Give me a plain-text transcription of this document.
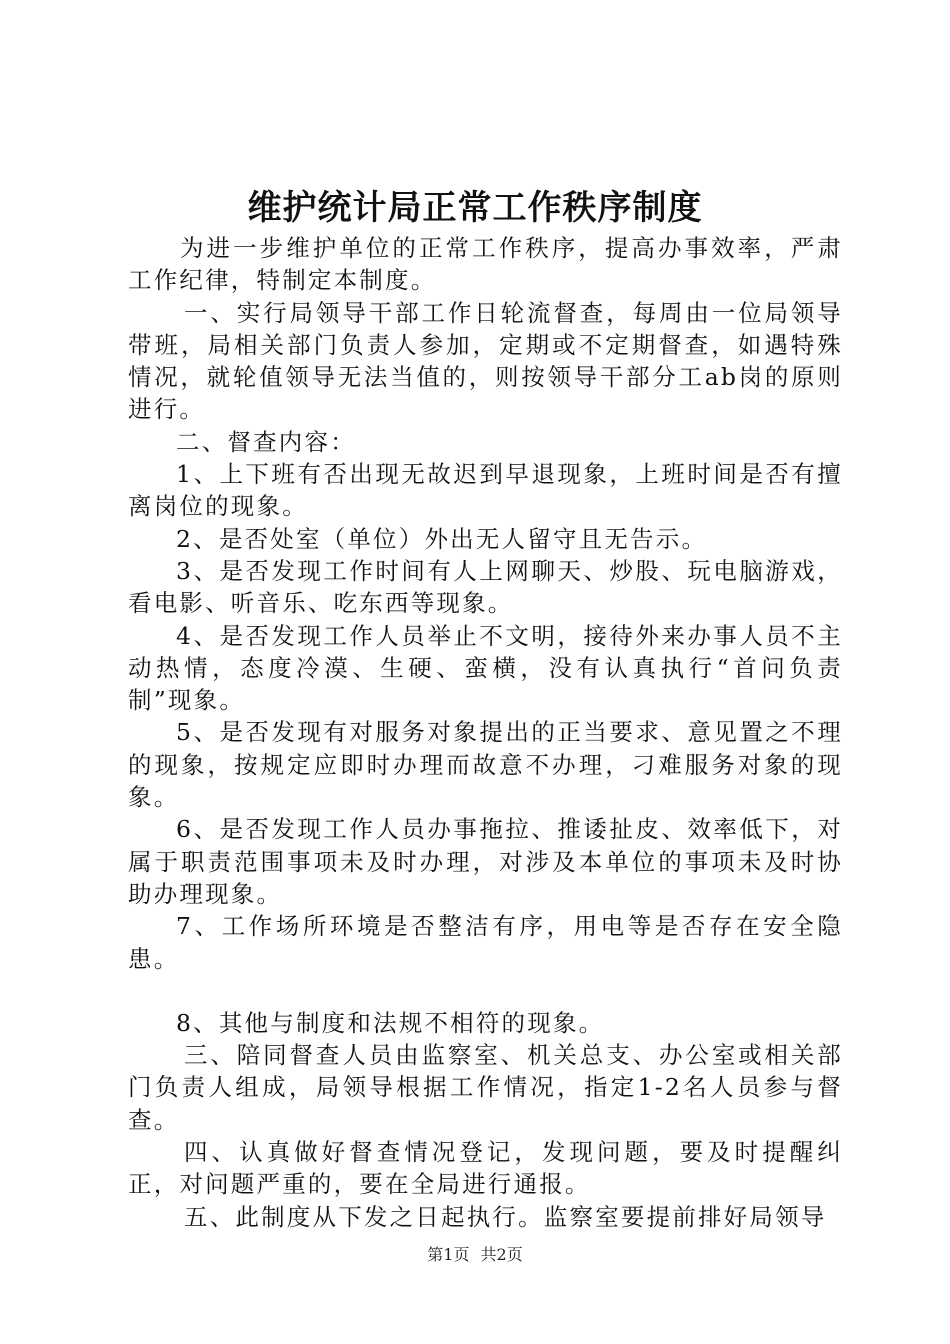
维护统计局正常工作秩序制度

为进一步维护单位的正常工作秩序，提高办事效率，严肃工作纪律，特制定本制度。

一、实行局领导干部工作日轮流督查，每周由一位局领导带班，局相关部门负责人参加，定期或不定期督查，如遇特殊情况，就轮值领导无法当值的，则按领导干部分工ab岗的原则进行。

二、督查内容：

1、上下班有否出现无故迟到早退现象，上班时间是否有擅离岗位的现象。

2、是否处室（单位）外出无人留守且无告示。

3、是否发现工作时间有人上网聊天、炒股、玩电脑游戏，看电影、听音乐、吃东西等现象。

4、是否发现工作人员举止不文明，接待外来办事人员不主动热情，态度冷漠、生硬、蛮横，没有认真执行“首问负责制”现象。

5、是否发现有对服务对象提出的正当要求、意见置之不理的现象，按规定应即时办理而故意不办理，刁难服务对象的现象。

6、是否发现工作人员办事拖拉、推诿扯皮、效率低下，对属于职责范围事项未及时办理，对涉及本单位的事项未及时协助办理现象。

7、工作场所环境是否整洁有序，用电等是否存在安全隐患。

8、其他与制度和法规不相符的现象。

三、陪同督查人员由监察室、机关总支、办公室或相关部门负责人组成，局领导根据工作情况，指定1-2名人员参与督查。

四、认真做好督查情况登记，发现问题，要及时提醒纠正，对问题严重的，要在全局进行通报。

五、此制度从下发之日起执行。监察室要提前排好局领导

第1页 共2页
